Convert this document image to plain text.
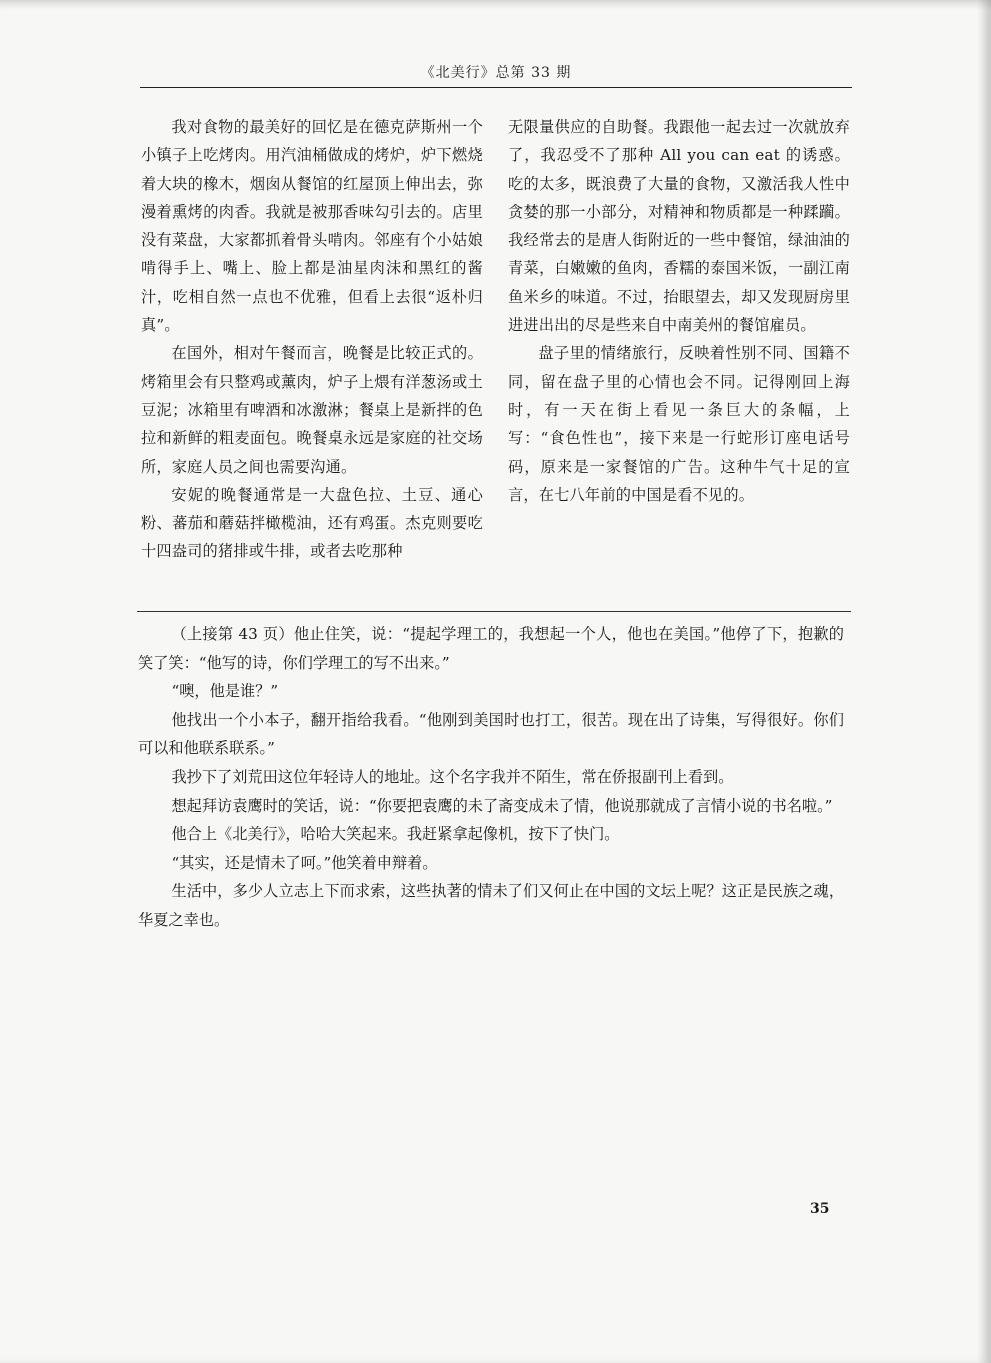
《北美行》总第 33 期

我对食物的最美好的回忆是在德克萨斯州一个小镇子上吃烤肉。用汽油桶做成的烤炉，炉下燃烧着大块的橡木，烟囱从餐馆的红屋顶上伸出去，弥漫着熏烤的肉香。我就是被那香味勾引去的。店里没有菜盘，大家都抓着骨头啃肉。邻座有个小姑娘啃得手上、嘴上、脸上都是油星肉沫和黑红的酱汁，吃相自然一点也不优雅，但看上去很“返朴归真”。

在国外，相对午餐而言，晚餐是比较正式的。烤箱里会有只整鸡或薰肉，炉子上煨有洋葱汤或土豆泥；冰箱里有啤酒和冰激淋；餐桌上是新拌的色拉和新鲜的粗麦面包。晚餐桌永远是家庭的社交场所，家庭人员之间也需要沟通。

安妮的晚餐通常是一大盘色拉、土豆、通心粉、蕃茄和蘑菇拌橄榄油，还有鸡蛋。杰克则要吃十四盎司的猪排或牛排，或者去吃那种

无限量供应的自助餐。我跟他一起去过一次就放弃了，我忍受不了那种 All you can eat 的诱惑。吃的太多，既浪费了大量的食物，又激活我人性中贪婪的那一小部分，对精神和物质都是一种蹂躏。我经常去的是唐人街附近的一些中餐馆，绿油油的青菜，白嫩嫩的鱼肉，香糯的泰国米饭，一副江南鱼米乡的味道。不过，抬眼望去，却又发现厨房里进进出出的尽是些来自中南美州的餐馆雇员。

盘子里的情绪旅行，反映着性别不同、国籍不同，留在盘子里的心情也会不同。记得刚回上海时，有一天在街上看见一条巨大的条幅，上写：“食色性也”，接下来是一行蛇形订座电话号码，原来是一家餐馆的广告。这种牛气十足的宣言，在七八年前的中国是看不见的。

（上接第 43 页）他止住笑，说：“提起学理工的，我想起一个人，他也在美国。”他停了下，抱歉的笑了笑：“他写的诗，你们学理工的写不出来。”

“噢，他是谁？”

他找出一个小本子，翻开指给我看。“他刚到美国时也打工，很苦。现在出了诗集，写得很好。你们可以和他联系联系。”

我抄下了刘荒田这位年轻诗人的地址。这个名字我并不陌生，常在侨报副刊上看到。

想起拜访袁鹰时的笑话，说：“你要把袁鹰的未了斋变成未了情，他说那就成了言情小说的书名啦。”

他合上《北美行》，哈哈大笑起来。我赶紧拿起像机，按下了快门。

“其实，还是情未了呵。”他笑着申辩着。

生活中，多少人立志上下而求索，这些执著的情未了们又何止在中国的文坛上呢？这正是民族之魂，华夏之幸也。

35
